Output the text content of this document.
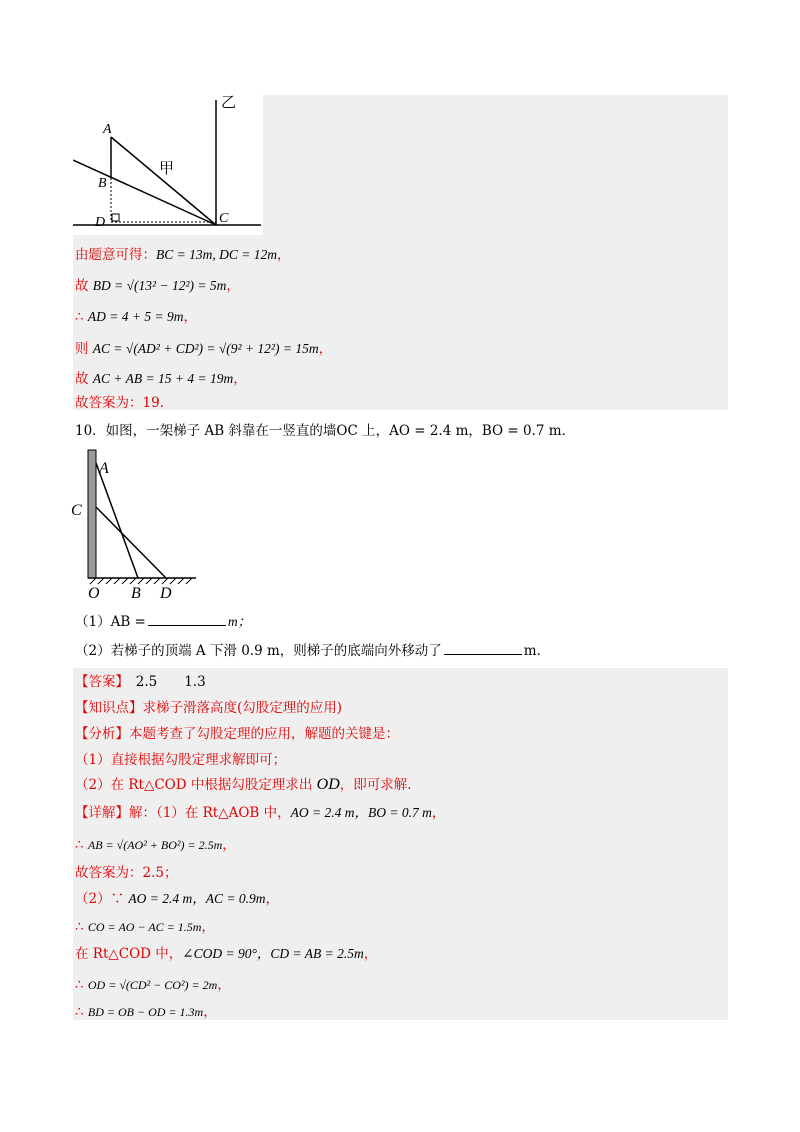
乙
A
甲
B
D	C
由题意可得：BC = 13m, DC = 12m，
故 BD = √(13² − 12²) = 5m，
∴ AD = 4 + 5 = 9m，
则 AC = √(AD² + CD²) = √(9² + 12²) = 15m，
故 AC + AB = 15 + 4 = 19m，
故答案为：19.
10．如图，一架梯子 AB 斜靠在一竖直的墙OC 上，AO = 2.4 m，BO = 0.7 m．
A
C
O B D
（1）AB =	m；
（2）若梯子的顶端 A 下滑 0.9 m，则梯子的底端向外移动了	m．
【答案】　 2.5　　1.3
【知识点】求梯子滑落高度(勾股定理的应用)
【分析】本题考查了勾股定理的应用，解题的关键是：
（1）直接根据勾股定理求解即可；
（2）在 Rt△COD 中根据勾股定理求出 OD，即可求解．
【详解】解：（1）在 Rt△AOB 中，AO = 2.4 m，BO = 0.7 m，
∴ AB = √(AO² + BO²) = 2.5m，
故答案为：2.5；
（2）∵ AO = 2.4 m，AC = 0.9m，
∴ CO = AO − AC = 1.5m，
在 Rt△COD 中，∠COD = 90°，CD = AB = 2.5m，
∴ OD = √(CD² − CO²) = 2m，
∴ BD = OB − OD = 1.3m，
